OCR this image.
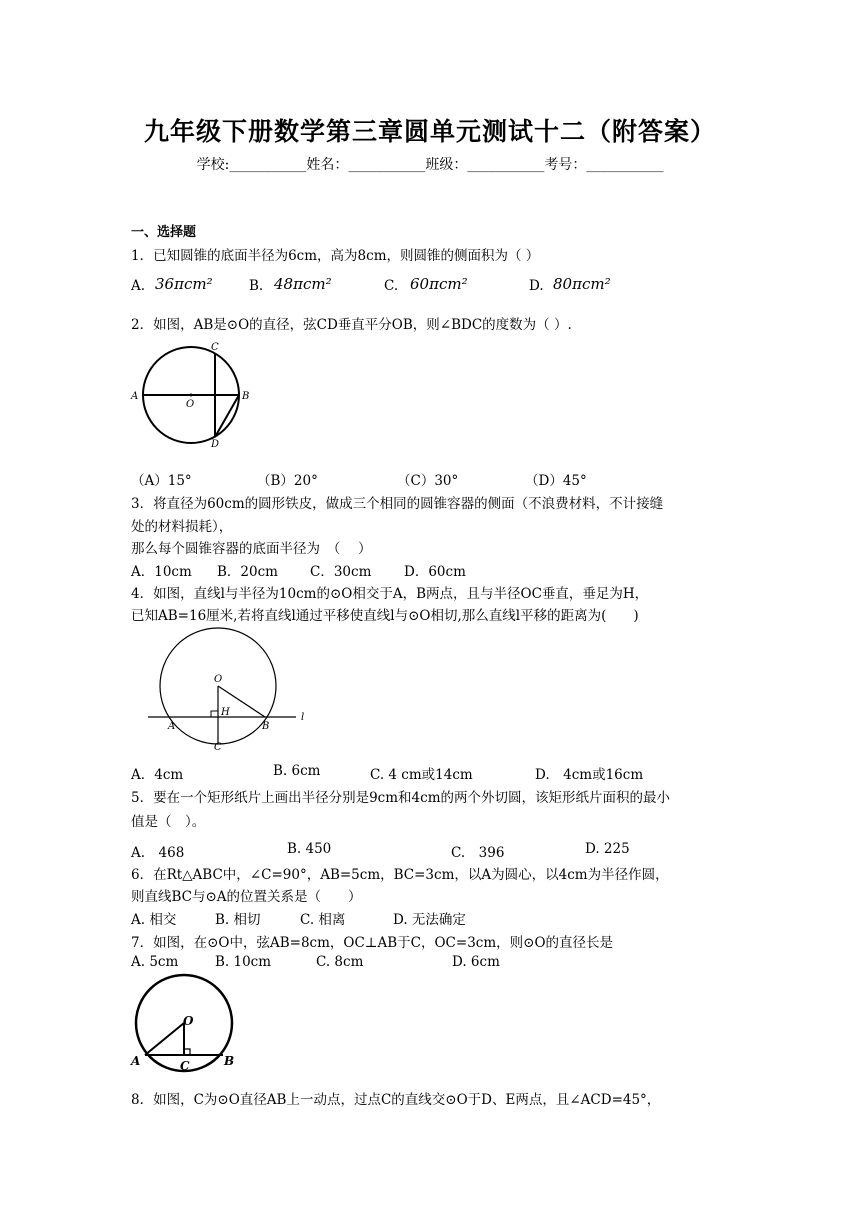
九年级下册数学第三章圆单元测试十二（附答案）
学校:___________姓名：___________班级：___________考号：___________
一、选择题
1．已知圆锥的底面半径为6cm，高为8cm，则圆锥的侧面积为（ ）
A. 36πcm²	B. 48πcm²	C. 60πcm²	D. 80πcm²
2．如图，AB是⊙O的直径，弦CD垂直平分OB，则∠BDC的度数为（ ）.
A	B
C
D
O
（A）15°	（B）20°	（C）30°	（D）45°
3．将直径为60cm的圆形铁皮，做成三个相同的圆锥容器的侧面（不浪费材料，不计接缝
处的材料损耗），
那么每个圆锥容器的底面半径为　（　 ）
A．10cm B．20cm C．30cm D．60cm
4．如图，直线l与半径为10cm的⊙O相交于A，B两点，且与半径OC垂直，垂足为H，
已知AB=16厘米,若将直线l通过平移使直线l与⊙O相切,那么直线l平移的距离为(　　)
O
H
A	B
C
l
A．4cm	B. 6cm	C. 4 cm或14cm	D.　4cm或16cm
5．要在一个矩形纸片上画出半径分别是9cm和4cm的两个外切圆，该矩形纸片面积的最小
值是（　）。
A.　468	B. 450	C.　396	D. 225
6．在Rt△ABC中，∠C=90°，AB=5cm，BC=3cm，以A为圆心，以4cm为半径作圆，
则直线BC与⊙A的位置关系是（　　）
A. 相交	B. 相切	C. 相离	D. 无法确定
7．如图，在⊙O中，弦AB=8cm，OC⊥AB于C，OC=3cm，则⊙O的直径长是
A. 5cm	B. 10cm	C. 8cm	D. 6cm
O
A	B
C
8．如图，C为⊙O直径AB上一动点，过点C的直线交⊙O于D、E两点，且∠ACD=45°，
